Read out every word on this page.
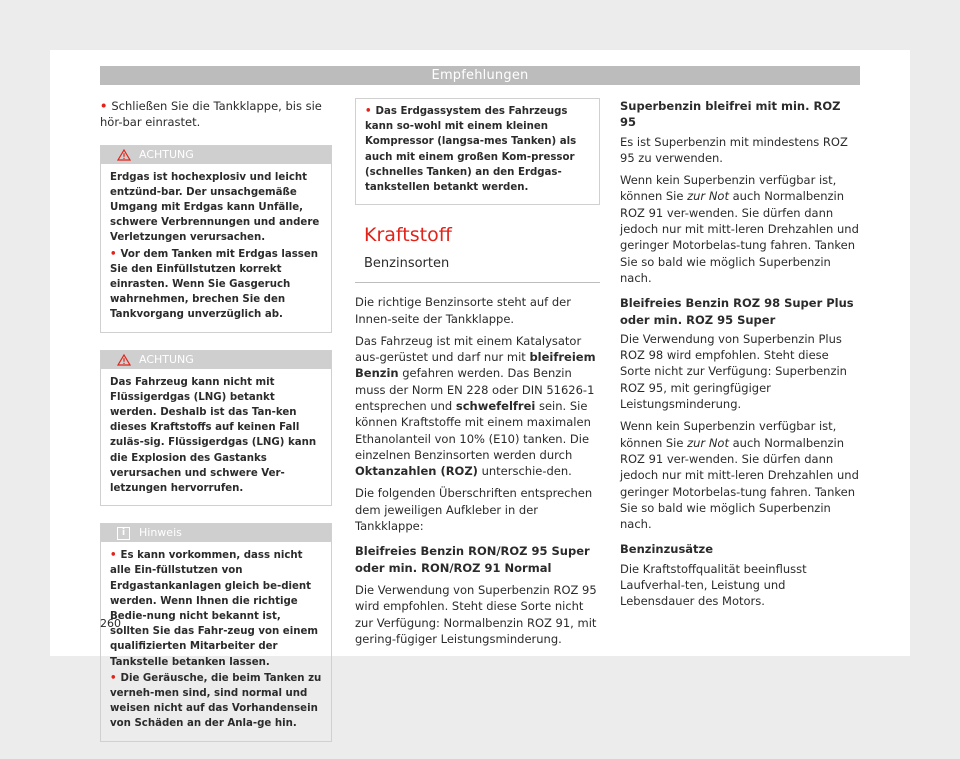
Empfehlungen

• Schließen Sie die Tankklappe, bis sie hör-bar einrastet.

ACHTUNG

Erdgas ist hochexplosiv und leicht entzünd-bar. Der unsachgemäße Umgang mit Erdgas kann Unfälle, schwere Verbrennungen und andere Verletzungen verursachen.

• Vor dem Tanken mit Erdgas lassen Sie den Einfüllstutzen korrekt einrasten. Wenn Sie Gasgeruch wahrnehmen, brechen Sie den Tankvorgang unverzüglich ab.

ACHTUNG

Das Fahrzeug kann nicht mit Flüssigerdgas (LNG) betankt werden. Deshalb ist das Tan-ken dieses Kraftstoffs auf keinen Fall zuläs-sig. Flüssigerdgas (LNG) kann die Explosion des Gastanks verursachen und schwere Ver-letzungen hervorrufen.

i	Hinweis

• Es kann vorkommen, dass nicht alle Ein-füllstutzen von Erdgastankanlagen gleich be-dient werden. Wenn Ihnen die richtige Bedie-nung nicht bekannt ist, sollten Sie das Fahr-zeug von einem qualifizierten Mitarbeiter der Tankstelle betanken lassen.

• Die Geräusche, die beim Tanken zu verneh-men sind, sind normal und weisen nicht auf das Vorhandensein von Schäden an der Anla-ge hin.

• Das Erdgassystem des Fahrzeugs kann so-wohl mit einem kleinen Kompressor (langsa-mes Tanken) als auch mit einem großen Kom-pressor (schnelles Tanken) an den Erdgas-tankstellen betankt werden.

Kraftstoff
Benzinsorten

Die richtige Benzinsorte steht auf der Innen-seite der Tankklappe.

Das Fahrzeug ist mit einem Katalysator aus-gerüstet und darf nur mit bleifreiem Benzin gefahren werden. Das Benzin muss der Norm EN 228 oder DIN 51626-1 entsprechen und schwefelfrei sein. Sie können Kraftstoffe mit einem maximalen Ethanolanteil von 10% (E10) tanken. Die einzelnen Benzinsorten werden durch Oktanzahlen (ROZ) unterschie-den.

Die folgenden Überschriften entsprechen dem jeweiligen Aufkleber in der Tankklappe:

Bleifreies Benzin RON/ROZ 95 Super oder min. RON/ROZ 91 Normal

Die Verwendung von Superbenzin ROZ 95 wird empfohlen. Steht diese Sorte nicht zur Verfügung: Normalbenzin ROZ 91, mit gering-fügiger Leistungsminderung.

Superbenzin bleifrei mit min. ROZ 95

Es ist Superbenzin mit mindestens ROZ 95 zu verwenden.

Wenn kein Superbenzin verfügbar ist, können Sie zur Not auch Normalbenzin ROZ 91 ver-wenden. Sie dürfen dann jedoch nur mit mitt-leren Drehzahlen und geringer Motorbelas-tung fahren. Tanken Sie so bald wie möglich Superbenzin nach.

Bleifreies Benzin ROZ 98 Super Plus oder min. ROZ 95 Super

Die Verwendung von Superbenzin Plus ROZ 98 wird empfohlen. Steht diese Sorte nicht zur Verfügung: Superbenzin ROZ 95, mit geringfügiger Leistungsminderung.

Wenn kein Superbenzin verfügbar ist, können Sie zur Not auch Normalbenzin ROZ 91 ver-wenden. Sie dürfen dann jedoch nur mit mitt-leren Drehzahlen und geringer Motorbelas-tung fahren. Tanken Sie so bald wie möglich Superbenzin nach.

Benzinzusätze

Die Kraftstoffqualität beeinflusst Laufverhal-ten, Leistung und Lebensdauer des Motors.

260
